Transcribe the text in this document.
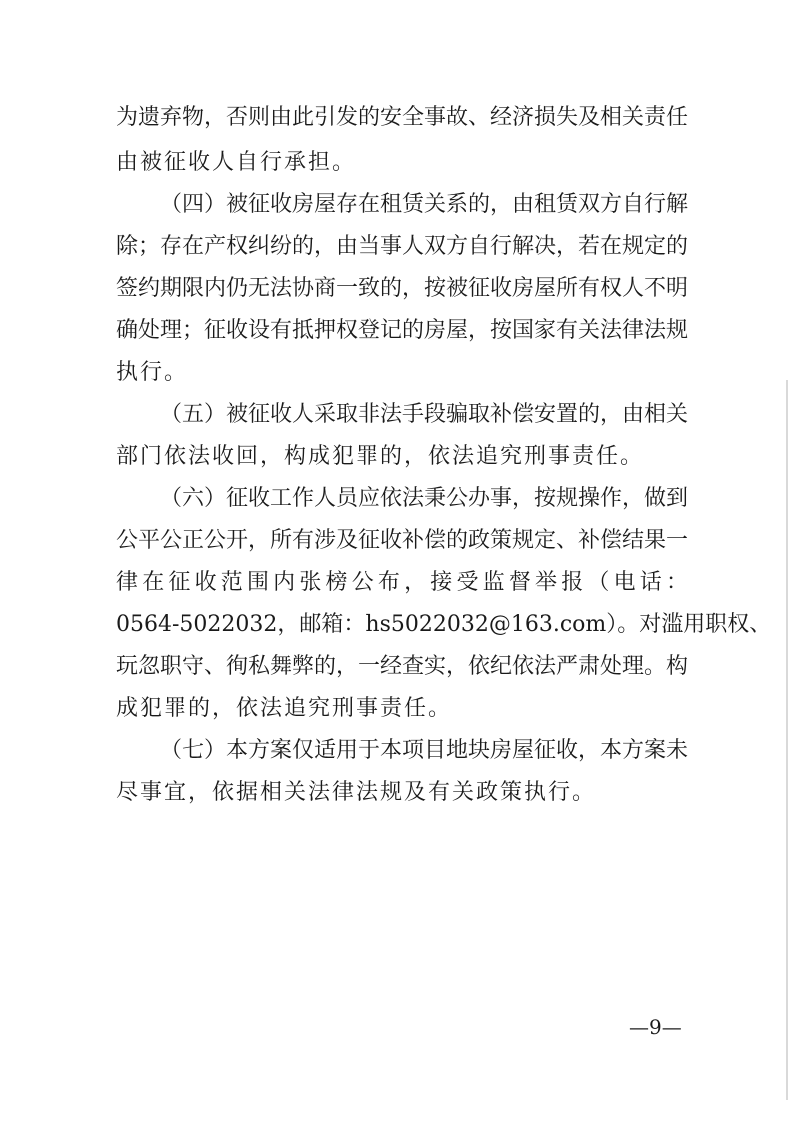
为遗弃物，否则由此引发的安全事故、经济损失及相关责任
由被征收人自行承担。
（四）被征收房屋存在租赁关系的，由租赁双方自行解
除；存在产权纠纷的，由当事人双方自行解决，若在规定的
签约期限内仍无法协商一致的，按被征收房屋所有权人不明
确处理；征收设有抵押权登记的房屋，按国家有关法律法规
执行。
（五）被征收人采取非法手段骗取补偿安置的，由相关
部门依法收回，构成犯罪的，依法追究刑事责任。
（六）征收工作人员应依法秉公办事，按规操作，做到
公平公正公开，所有涉及征收补偿的政策规定、补偿结果一
律在征收范围内张榜公布，接受监督举报（电话：
0564-5022032，邮箱：hs5022032@163.com）。对滥用职权、
玩忽职守、徇私舞弊的，一经查实，依纪依法严肃处理。构
成犯罪的，依法追究刑事责任。
（七）本方案仅适用于本项目地块房屋征收，本方案未
尽事宜，依据相关法律法规及有关政策执行。
—9—
